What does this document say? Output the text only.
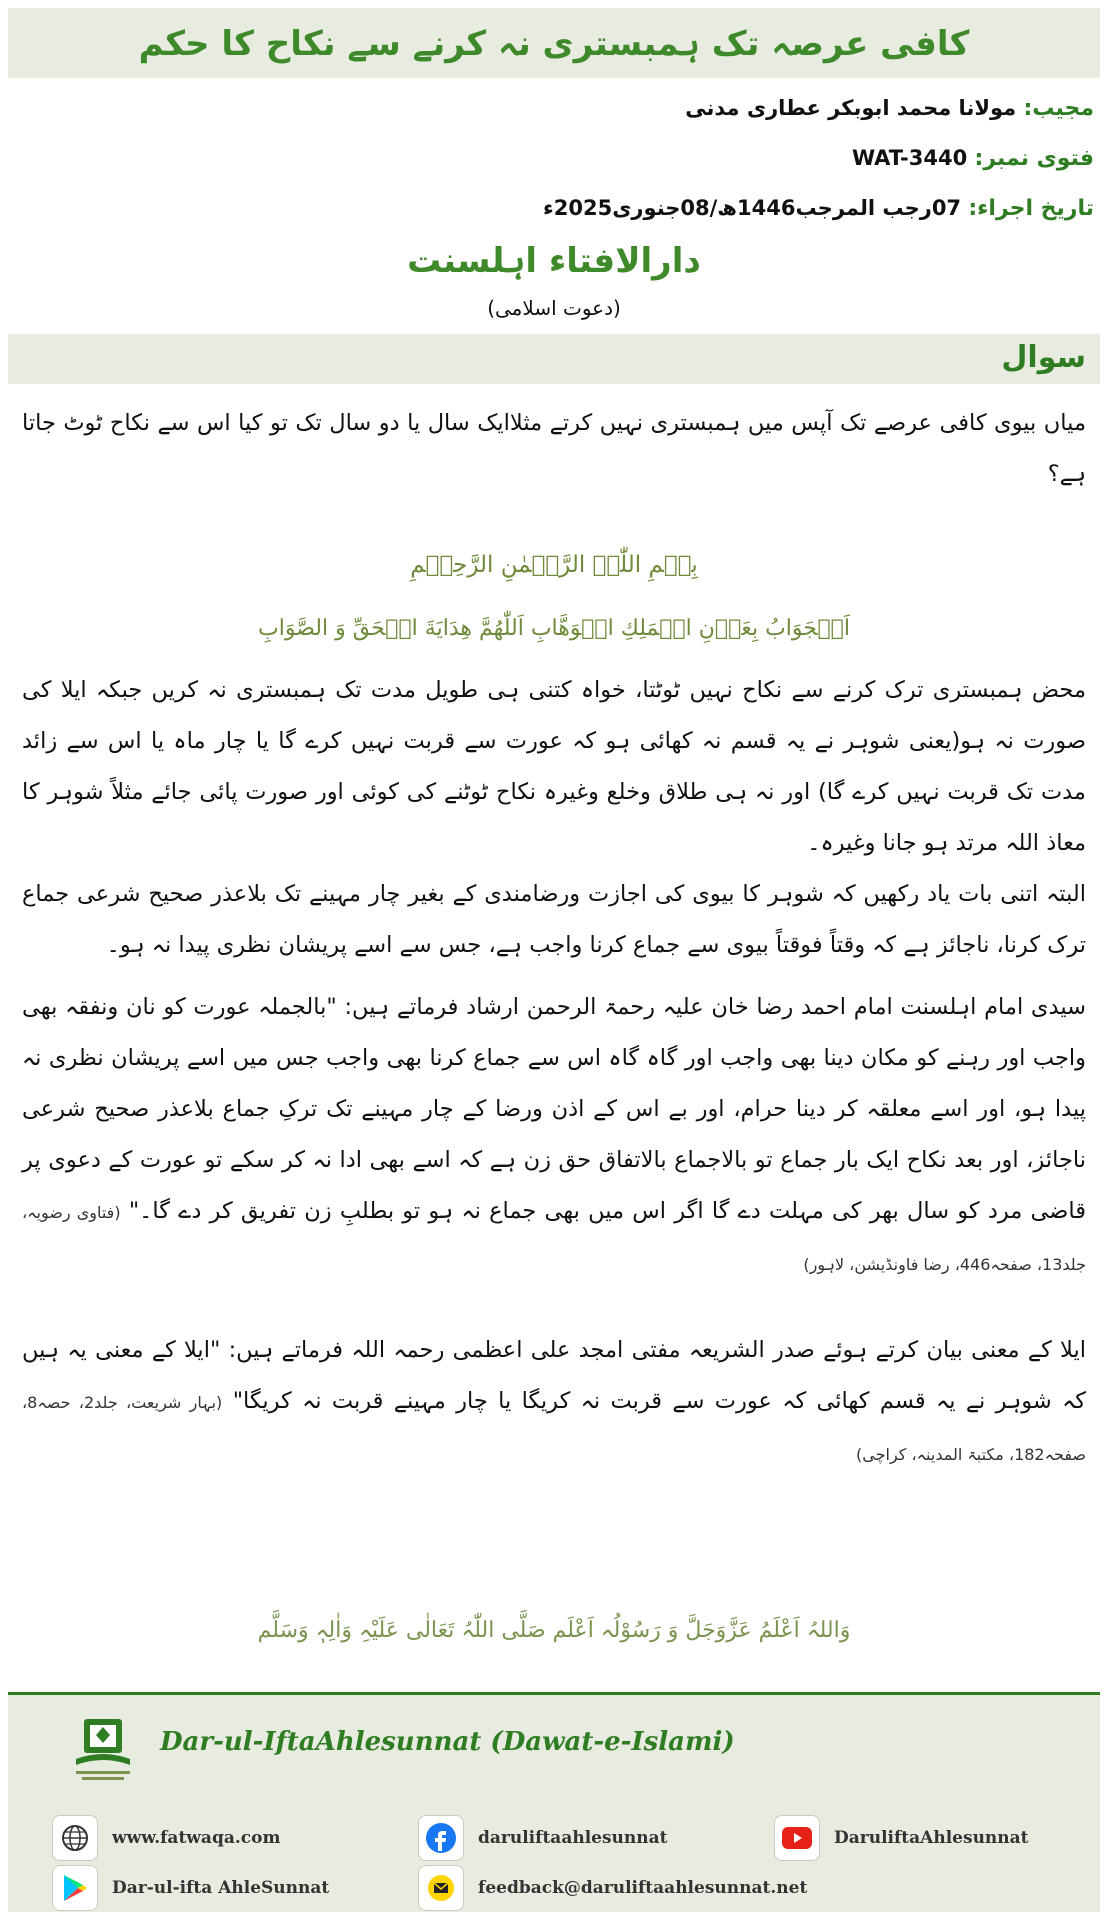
کافی عرصہ تک ہمبستری نہ کرنے سے نکاح کا حکم
مجیب: مولانا محمد ابوبکر عطاری مدنی
فتوی نمبر: WAT-3440
تاریخ اجراء: 07رجب المرجب1446ھ/08جنوری2025ء
دارالافتاء اہلسنت
(دعوت اسلامی)
سوال
میاں بیوی کافی عرصے تک آپس میں ہمبستری نہیں کرتے مثلاایک سال یا دو سال تک تو کیا اس سے نکاح ٹوٹ جاتا ہے؟
بِسۡمِ اللّٰہِ الرَّحۡمٰنِ الرَّحِیۡمِ
اَلۡجَوَابُ بِعَوۡنِ الۡمَلِكِ الۡوَهَّابِ اَللّٰهُمَّ هِدَايَةَ الۡحَقِّ وَ الصَّوَابِ
محض ہمبستری ترک کرنے سے نکاح نہیں ٹوٹتا، خواہ کتنی ہی طویل مدت تک ہمبستری نہ کریں جبکہ ایلا کی صورت نہ ہو(یعنی شوہر نے یہ قسم نہ کھائی ہو کہ عورت سے قربت نہیں کرے گا یا چار ماہ یا اس سے زائد مدت تک قربت نہیں کرے گا) اور نہ ہی طلاق وخلع وغیرہ نکاح ٹوٹنے کی کوئی اور صورت پائی جائے مثلاً شوہر کا معاذ اللہ مرتد ہو جانا وغیرہ۔
البتہ اتنی بات یاد رکھیں کہ شوہر کا بیوی کی اجازت ورضامندی کے بغیر چار مہینے تک بلاعذر صحیح شرعی جماع ترک کرنا، ناجائز ہے کہ وقتاً فوقتاً بیوی سے جماع کرنا واجب ہے، جس سے اسے پریشان نظری پیدا نہ ہو۔
سیدی امام اہلسنت امام احمد رضا خان علیہ رحمۃ الرحمن ارشاد فرماتے ہیں: "بالجملہ عورت کو نان ونفقہ بھی واجب اور رہنے کو مکان دینا بھی واجب اور گاہ گاہ اس سے جماع کرنا بھی واجب جس میں اسے پریشان نظری نہ پیدا ہو، اور اسے معلقہ کر دینا حرام، اور بے اس کے اذن ورضا کے چار مہینے تک ترکِ جماع بلاعذر صحیح شرعی ناجائز، اور بعد نکاح ایک بار جماع تو بالاجماع بالاتفاق حق زن ہے کہ اسے بھی ادا نہ کر سکے تو عورت کے دعوی پر قاضی مرد کو سال بھر کی مہلت دے گا اگر اس میں بھی جماع نہ ہو تو بطلبِ زن تفریق کر دے گا۔" (فتاوی رضویہ، جلد13، صفحہ446، رضا فاونڈیشن، لاہور)
ایلا کے معنی بیان کرتے ہوئے صدر الشریعہ مفتی امجد علی اعظمی رحمہ اللہ فرماتے ہیں: "ایلا کے معنی یہ ہیں کہ شوہر نے یہ قسم کھائی کہ عورت سے قربت نہ کریگا یا چار مہینے قربت نہ کریگا" (بہار شریعت، جلد2، حصہ8، صفحہ182، مکتبۃ المدینہ، کراچی)
وَاللہُ اَعْلَمُ عَزَّوَجَلَّ وَ رَسُوْلُہ اَعْلَم صَلَّی اللّٰہُ تَعَالٰی عَلَیْہِ وَاٰلِہٖ وَسَلَّم
Dar-ul-IftaAhlesunnat (Dawat-e-Islami)
www.fatwaqa.com	daruliftaahlesunnat	DaruliftaAhlesunnat
Dar-ul-ifta AhleSunnat	feedback@daruliftaahlesunnat.net
